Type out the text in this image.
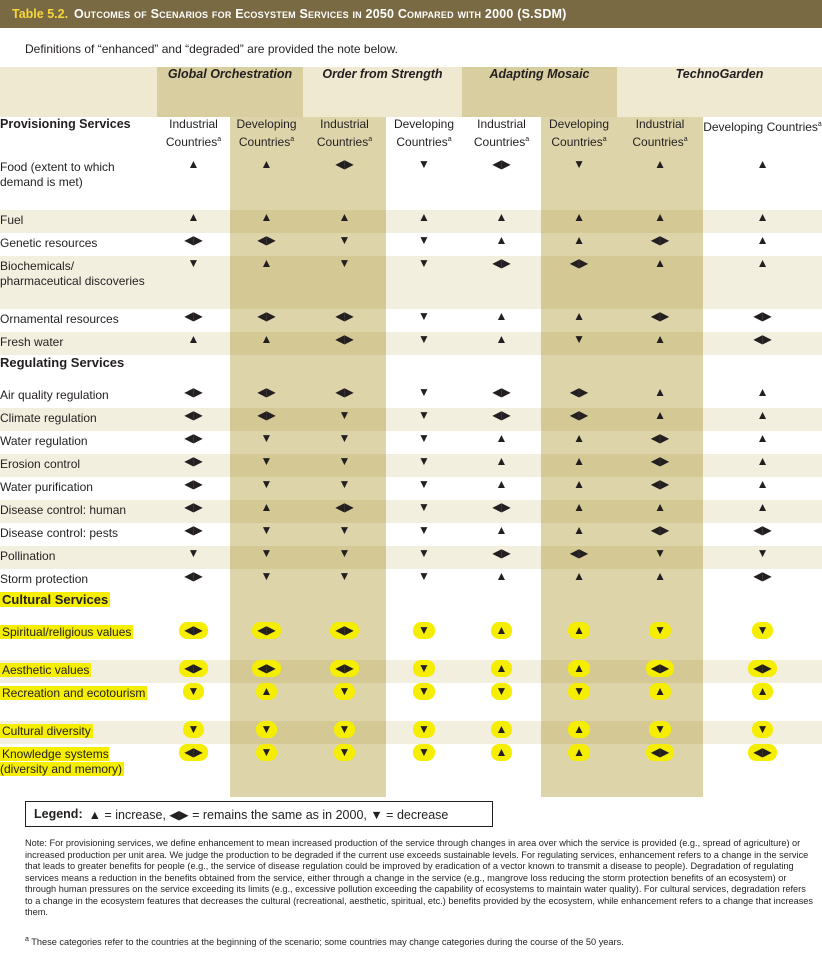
Table 5.2. Outcomes of Scenarios for Ecosystem Services in 2050 Compared with 2000 (S.SDM)
Definitions of “enhanced” and “degraded” are provided the note below.
	Global Orchestration		Order from Strength		Adapting Mosaic		TechnoGarden	
Provisioning Services	Industrial Countries$^a$	Developing Countries$^a$	Industrial Countries$^a$	Developing Countries$^a$	Industrial Countries$^a$	Developing Countries$^a$	Industrial Countries$^a$	Developing Countries$^a$
Food (extent to which demand is met)	▲	▲	◀▶	▼	◀▶	▼	▲	▲
Fuel	▲	▲	▲	▲	▲	▲	▲	▲
Genetic resources	◀▶	◀▶	▼	▼	▲	▲	◀▶	▲
Biochemicals/ pharmaceutical discoveries	▼	▲	▼	▼	◀▶	◀▶	▲	▲
Ornamental resources	◀▶	◀▶	◀▶	▼	▲	▲	◀▶	◀▶
Fresh water	▲	▲	◀▶	▼	▲	▼	▲	◀▶
Regulating Services								
Air quality regulation	◀▶	◀▶	◀▶	▼	◀▶	◀▶	▲	▲
Climate regulation	◀▶	◀▶	▼	▼	◀▶	◀▶	▲	▲
Water regulation	◀▶	▼	▼	▼	▲	▲	◀▶	▲
Erosion control	◀▶	▼	▼	▼	▲	▲	◀▶	▲
Water purification	◀▶	▼	▼	▼	▲	▲	◀▶	▲
Disease control: human	◀▶	▲	◀▶	▼	◀▶	▲	▲	▲
Disease control: pests	◀▶	▼	▼	▼	▲	▲	◀▶	◀▶
Pollination	▼	▼	▼	▼	◀▶	◀▶	▼	▼
Storm protection	◀▶	▼	▼	▼	▲	▲	▲	◀▶
Cultural Services								
Spiritual/religious values	◀▶	◀▶	◀▶	▼	▲	▲	▼	▼
Aesthetic values	◀▶	◀▶	◀▶	▼	▲	▲	◀▶	◀▶
Recreation and ecotourism	▼	▲	▼	▼	▼	▼	▲	▲
Cultural diversity	▼	▼	▼	▼	▲	▲	▼	▼
Knowledge systems (diversity and memory)	◀▶	▼	▼	▼	▲	▲	◀▶	◀▶
Legend: ▲ = increase, ◀▶ = remains the same as in 2000, ▼ = decrease
Note: For provisioning services, we define enhancement to mean increased production of the service through changes in area over which the service is provided (e.g., spread of agriculture) or increased production per unit area. We judge the production to be degraded if the current use exceeds sustainable levels. For regulating services, enhancement refers to a change in the service that leads to greater benefits for people (e.g., the service of disease regulation could be improved by eradication of a vector known to transmit a disease to people). Degradation of regulating services means a reduction in the benefits obtained from the service, either through a change in the service (e.g., mangrove loss reducing the storm protection benefits of an ecosystem) or through human pressures on the service exceeding its limits (e.g., excessive pollution exceeding the capability of ecosystems to maintain water quality). For cultural services, degradation refers to a change in the ecosystem features that decreases the cultural (recreational, aesthetic, spiritual, etc.) benefits provided by the ecosystem, while enhancement refers to a change that increases them.
$^a$ These categories refer to the countries at the beginning of the scenario; some countries may change categories during the course of the 50 years.
